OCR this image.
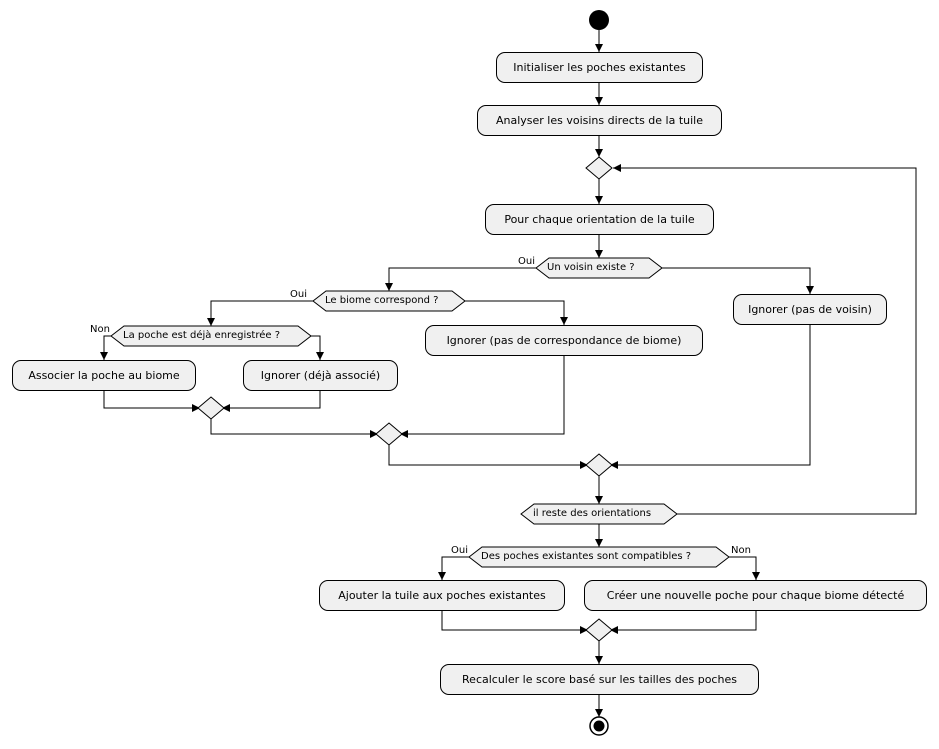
Initialiser les poches existantes
Analyser les voisins directs de la tuile
Pour chaque orientation de la tuile
Ignorer (pas de voisin)
Ignorer (pas de correspondance de biome)
Associer la poche au biome	Ignorer (déjà associé)
Ajouter la tuile aux poches existantes	Créer une nouvelle poche pour chaque biome détecté
Recalculer le score basé sur les tailles des poches
Un voisin existe ?
Le biome correspond ?
La poche est déjà enregistrée ?
il reste des orientations
Des poches existantes sont compatibles ?
Oui
Oui
Non
Oui	Non
